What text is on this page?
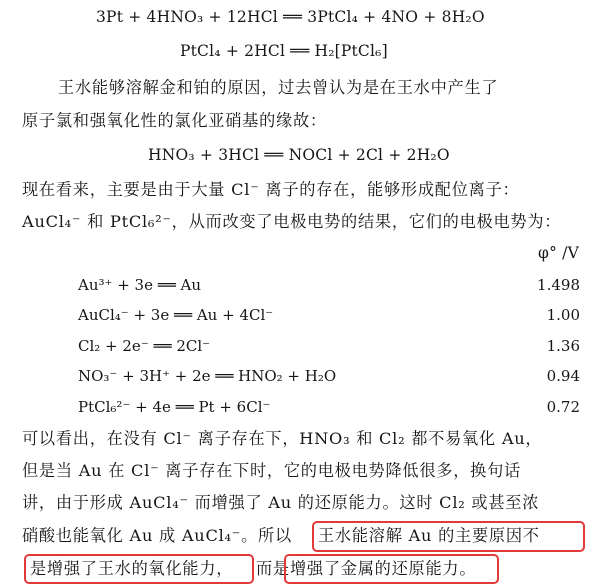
3Pt + 4HNO₃ + 12HCl ══ 3PtCl₄ + 4NO + 8H₂O
PtCl₄ + 2HCl ══ H₂[PtCl₆]
王水能够溶解金和铂的原因，过去曾认为是在王水中产生了
原子氯和强氧化性的氯化亚硝基的缘故：
HNO₃ + 3HCl ══ NOCl + 2Cl + 2H₂O
现在看来，主要是由于大量 Cl⁻ 离子的存在，能够形成配位离子：
AuCl₄⁻ 和 PtCl₆²⁻，从而改变了电极电势的结果，它们的电极电势为：
φ° /V
Au³⁺ + 3e ══ Au	1.498
AuCl₄⁻ + 3e ══ Au + 4Cl⁻	1.00
Cl₂ + 2e⁻ ══ 2Cl⁻	1.36
NO₃⁻ + 3H⁺ + 2e ══ HNO₂ + H₂O	0.94
PtCl₆²⁻ + 4e ══ Pt + 6Cl⁻	0.72
可以看出，在没有 Cl⁻ 离子存在下，HNO₃ 和 Cl₂ 都不易氧化 Au，
但是当 Au 在 Cl⁻ 离子存在下时，它的电极电势降低很多，换句话
讲，由于形成 AuCl₄⁻ 而增强了 Au 的还原能力。这时 Cl₂ 或甚至浓
硝酸也能氧化 Au 成 AuCl₄⁻。所以 王水能溶解 Au 的主要原因不
是增强了王水的氧化能力， 而是 增强了金属的还原能力。
